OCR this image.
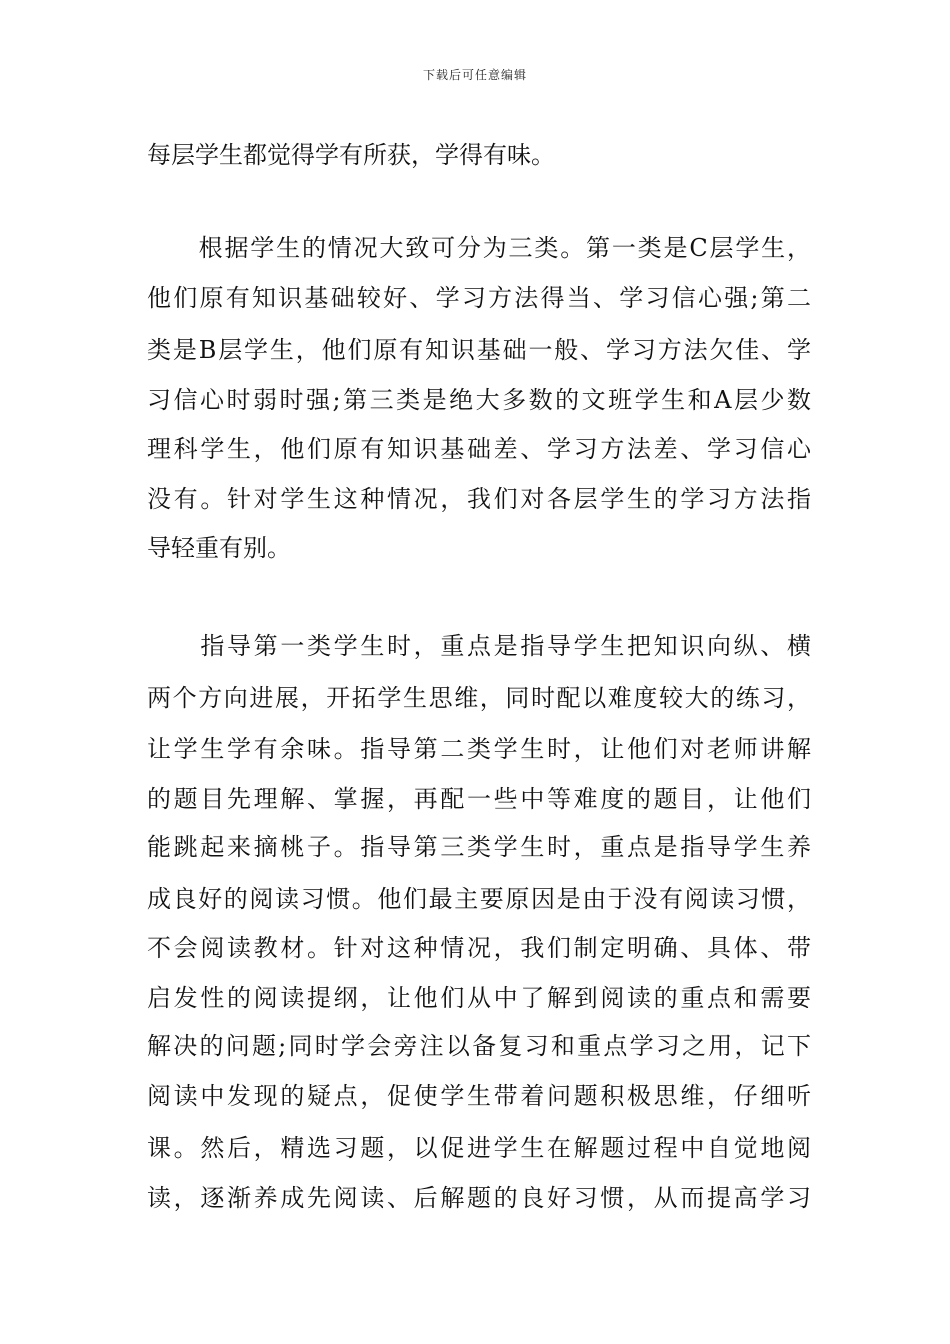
下载后可任意编辑
每层学生都觉得学有所获，学得有味。
　　根据学生的情况大致可分为三类。第一类是C层学生，
他们原有知识基础较好、学习方法得当、学习信心强;第二
类是B层学生，他们原有知识基础一般、学习方法欠佳、学
习信心时弱时强;第三类是绝大多数的文班学生和A层少数
理科学生，他们原有知识基础差、学习方法差、学习信心
没有。针对学生这种情况，我们对各层学生的学习方法指
导轻重有别。
　　指导第一类学生时，重点是指导学生把知识向纵、横
两个方向进展，开拓学生思维，同时配以难度较大的练习，
让学生学有余味。指导第二类学生时，让他们对老师讲解
的题目先理解、掌握，再配一些中等难度的题目，让他们
能跳起来摘桃子。指导第三类学生时，重点是指导学生养
成良好的阅读习惯。他们最主要原因是由于没有阅读习惯，
不会阅读教材。针对这种情况，我们制定明确、具体、带
启发性的阅读提纲，让他们从中了解到阅读的重点和需要
解决的问题;同时学会旁注以备复习和重点学习之用，记下
阅读中发现的疑点，促使学生带着问题积极思维，仔细听
课。然后，精选习题，以促进学生在解题过程中自觉地阅
读，逐渐养成先阅读、后解题的良好习惯，从而提高学习
